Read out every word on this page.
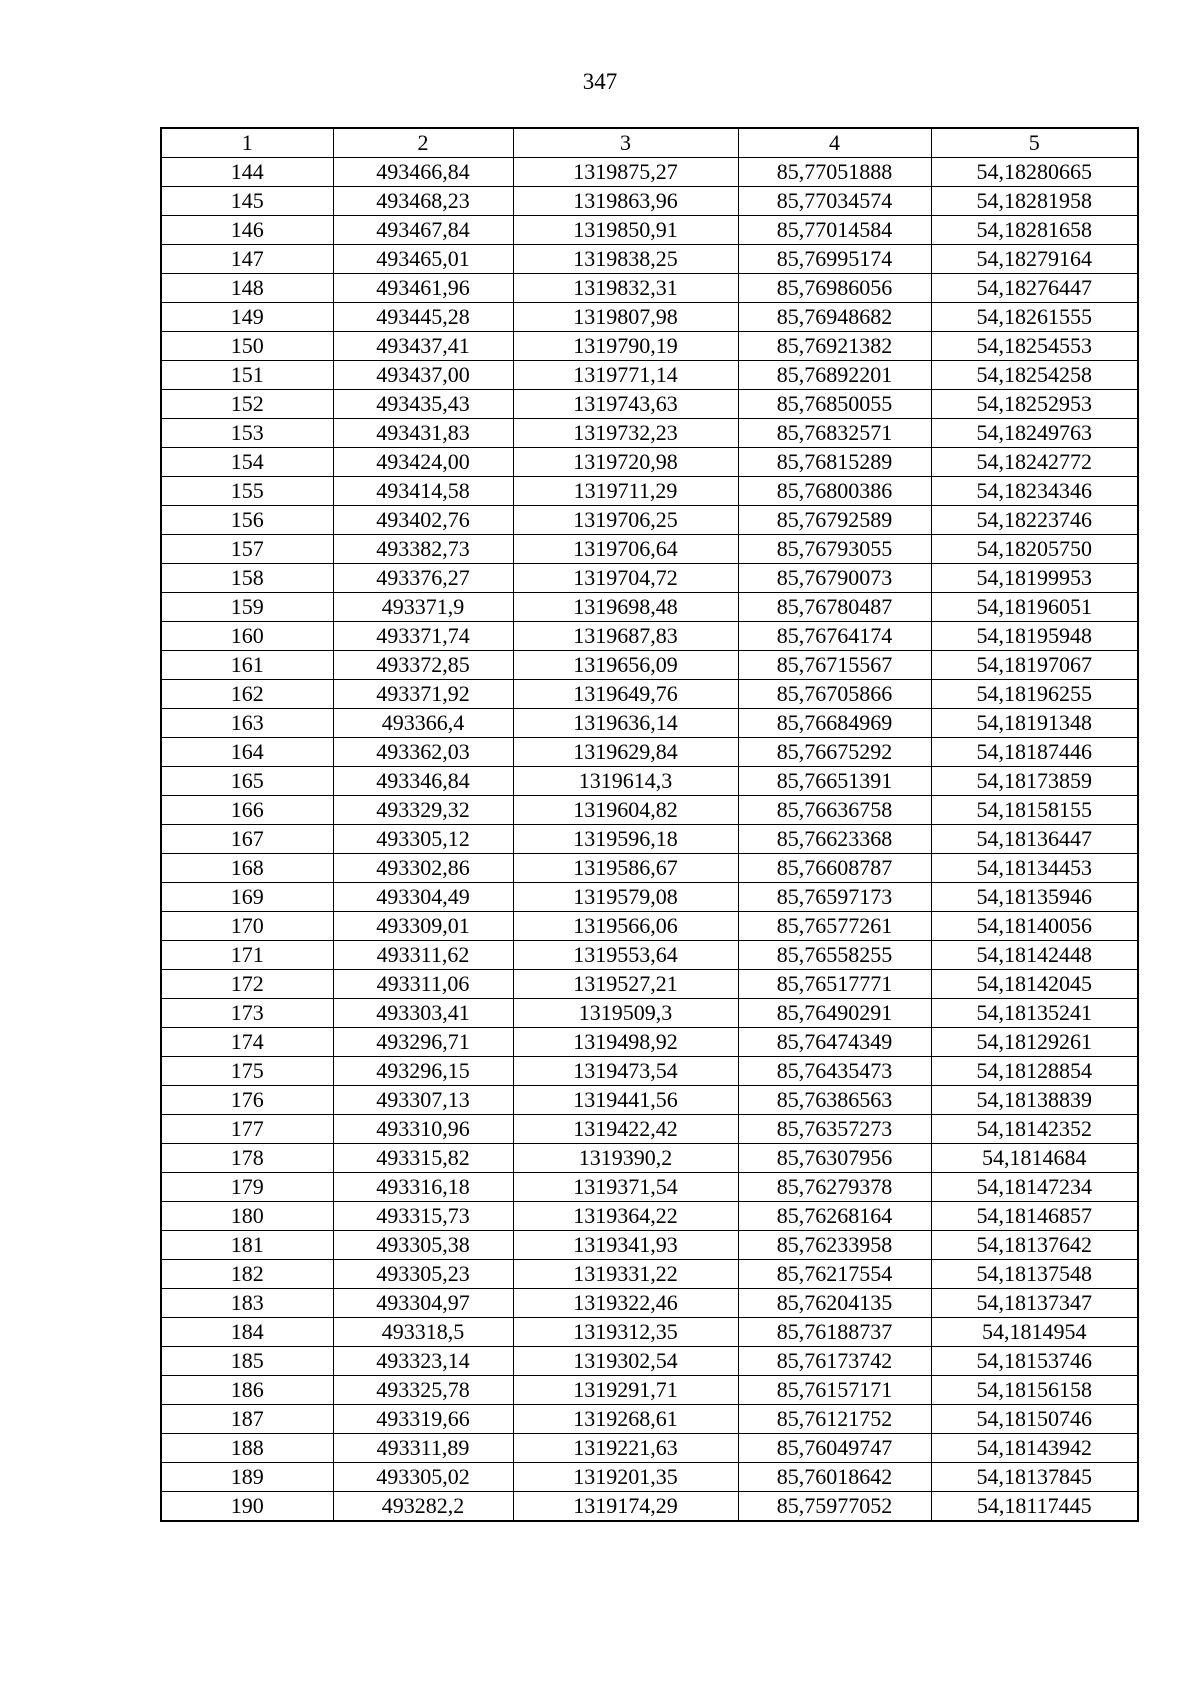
347
1	2	3	4	5
144	493466,84	1319875,27	85,77051888	54,18280665
145	493468,23	1319863,96	85,77034574	54,18281958
146	493467,84	1319850,91	85,77014584	54,18281658
147	493465,01	1319838,25	85,76995174	54,18279164
148	493461,96	1319832,31	85,76986056	54,18276447
149	493445,28	1319807,98	85,76948682	54,18261555
150	493437,41	1319790,19	85,76921382	54,18254553
151	493437,00	1319771,14	85,76892201	54,18254258
152	493435,43	1319743,63	85,76850055	54,18252953
153	493431,83	1319732,23	85,76832571	54,18249763
154	493424,00	1319720,98	85,76815289	54,18242772
155	493414,58	1319711,29	85,76800386	54,18234346
156	493402,76	1319706,25	85,76792589	54,18223746
157	493382,73	1319706,64	85,76793055	54,18205750
158	493376,27	1319704,72	85,76790073	54,18199953
159	493371,9	1319698,48	85,76780487	54,18196051
160	493371,74	1319687,83	85,76764174	54,18195948
161	493372,85	1319656,09	85,76715567	54,18197067
162	493371,92	1319649,76	85,76705866	54,18196255
163	493366,4	1319636,14	85,76684969	54,18191348
164	493362,03	1319629,84	85,76675292	54,18187446
165	493346,84	1319614,3	85,76651391	54,18173859
166	493329,32	1319604,82	85,76636758	54,18158155
167	493305,12	1319596,18	85,76623368	54,18136447
168	493302,86	1319586,67	85,76608787	54,18134453
169	493304,49	1319579,08	85,76597173	54,18135946
170	493309,01	1319566,06	85,76577261	54,18140056
171	493311,62	1319553,64	85,76558255	54,18142448
172	493311,06	1319527,21	85,76517771	54,18142045
173	493303,41	1319509,3	85,76490291	54,18135241
174	493296,71	1319498,92	85,76474349	54,18129261
175	493296,15	1319473,54	85,76435473	54,18128854
176	493307,13	1319441,56	85,76386563	54,18138839
177	493310,96	1319422,42	85,76357273	54,18142352
178	493315,82	1319390,2	85,76307956	54,1814684
179	493316,18	1319371,54	85,76279378	54,18147234
180	493315,73	1319364,22	85,76268164	54,18146857
181	493305,38	1319341,93	85,76233958	54,18137642
182	493305,23	1319331,22	85,76217554	54,18137548
183	493304,97	1319322,46	85,76204135	54,18137347
184	493318,5	1319312,35	85,76188737	54,1814954
185	493323,14	1319302,54	85,76173742	54,18153746
186	493325,78	1319291,71	85,76157171	54,18156158
187	493319,66	1319268,61	85,76121752	54,18150746
188	493311,89	1319221,63	85,76049747	54,18143942
189	493305,02	1319201,35	85,76018642	54,18137845
190	493282,2	1319174,29	85,75977052	54,18117445
